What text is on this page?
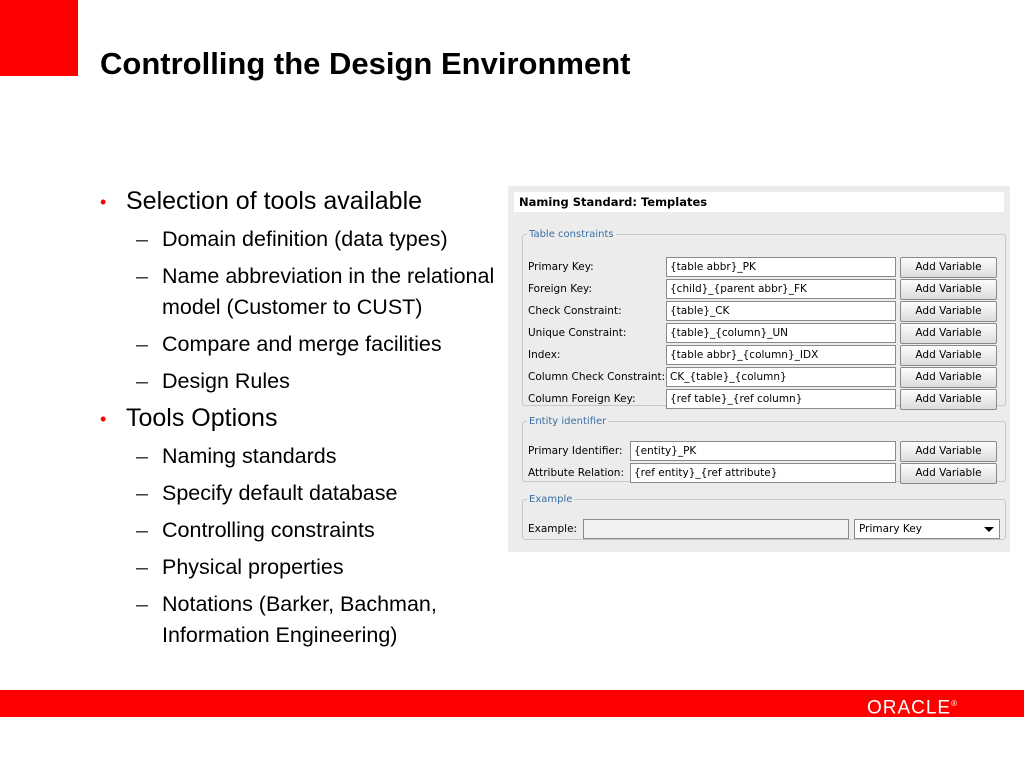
Controlling the Design Environment
• Selection of tools available
– Domain definition (data types)
– Name abbreviation in the relational model (Customer to CUST)
– Compare and merge facilities
– Design Rules
• Tools Options
– Naming standards
– Specify default database
– Controlling constraints
– Physical properties
– Notations (Barker, Bachman, Information Engineering)
Naming Standard: Templates
Table constraints
Primary Key:	{table abbr}_PK	Add Variable
Foreign Key:	{child}_{parent abbr}_FK	Add Variable
Check Constraint:	{table}_CK	Add Variable
Unique Constraint:	{table}_{column}_UN	Add Variable
Index:	{table abbr}_{column}_IDX	Add Variable
Column Check Constraint: CK_{table}_{column}	Add Variable
Column Foreign Key:	{ref table}_{ref column}	Add Variable
Entity identifier
Primary Identifier:	{entity}_PK	Add Variable
Attribute Relation: {ref entity}_{ref attribute}	Add Variable
Example
Example:	Primary Key
ORACLE®
